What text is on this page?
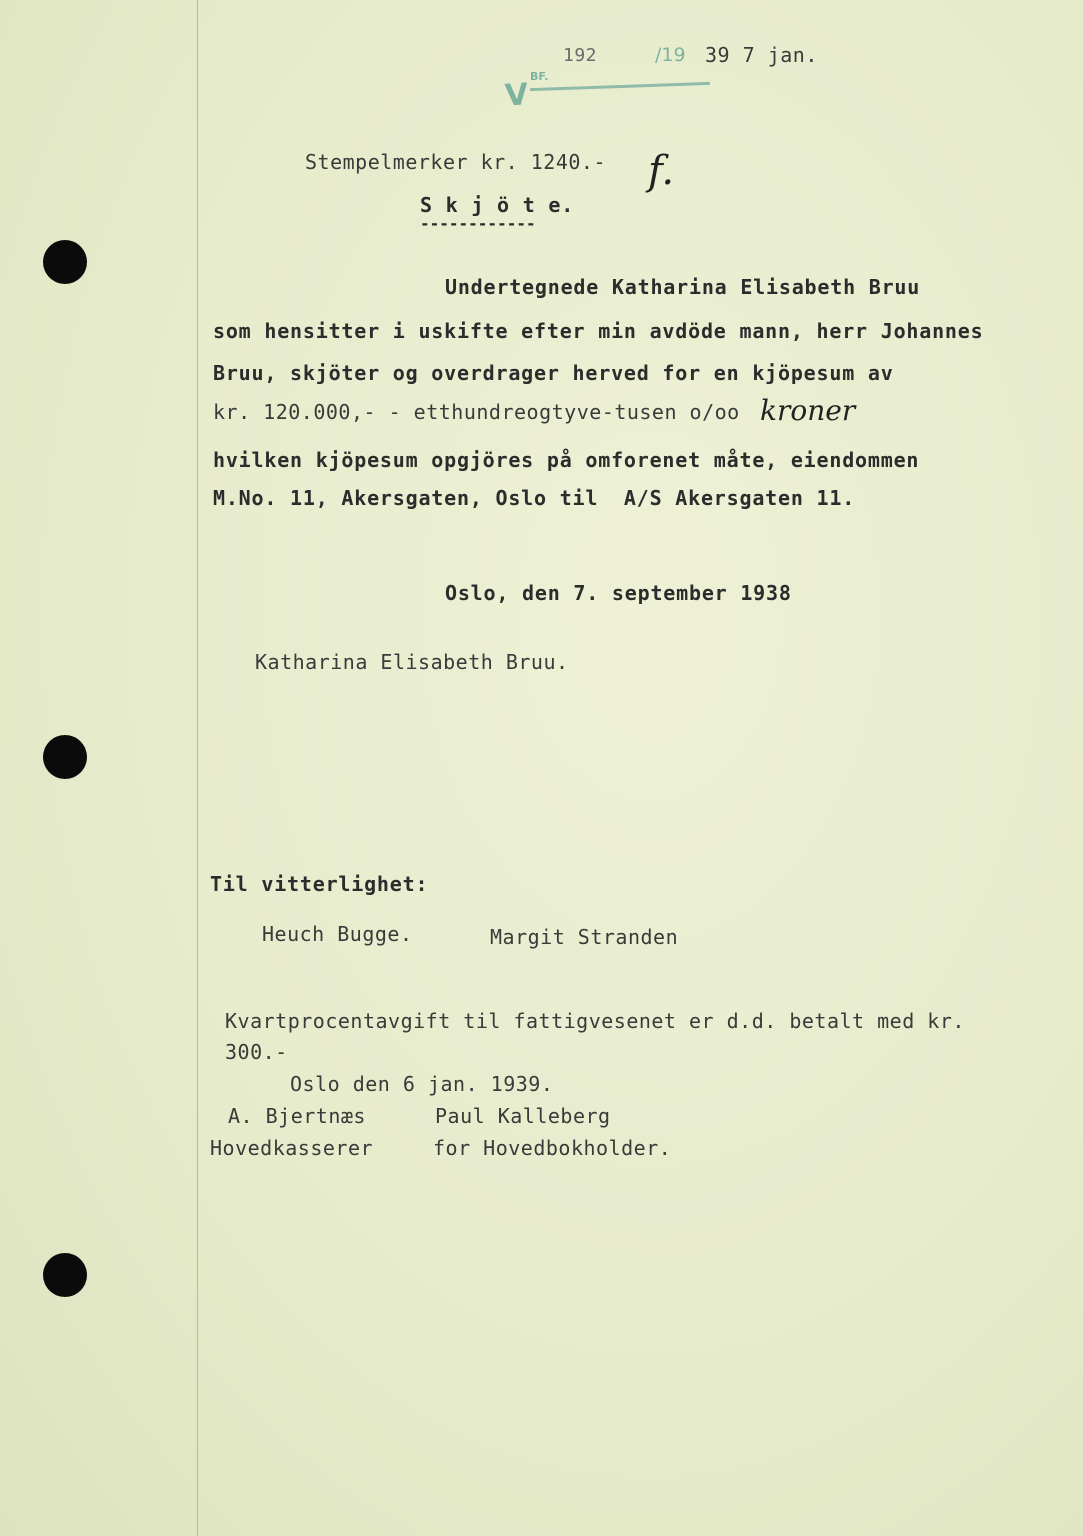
V
BF.
192	/19 39 7 jan.
Stempelmerker kr. 1240.- f.
S k j ö t e.
------------
Undertegnede Katharina Elisabeth Bruu
som hensitter i uskifte efter min avdöde mann, herr Johannes
Bruu, skjöter og overdrager herved for en kjöpesum av
kr. 120.000,- - etthundreogtyve-tusen o/oo kroner
hvilken kjöpesum opgjöres på omforenet måte, eiendommen
M.No. 11, Akersgaten, Oslo til  A/S Akersgaten 11.
Oslo, den 7. september 1938
Katharina Elisabeth Bruu.
Til vitterlighet:
Heuch Bugge.	Margit Stranden
Kvartprocentavgift til fattigvesenet er d.d. betalt med kr.
300.-
Oslo den 6 jan. 1939.
A. Bjertnæs	Paul Kalleberg
Hovedkasserer	for Hovedbokholder.
